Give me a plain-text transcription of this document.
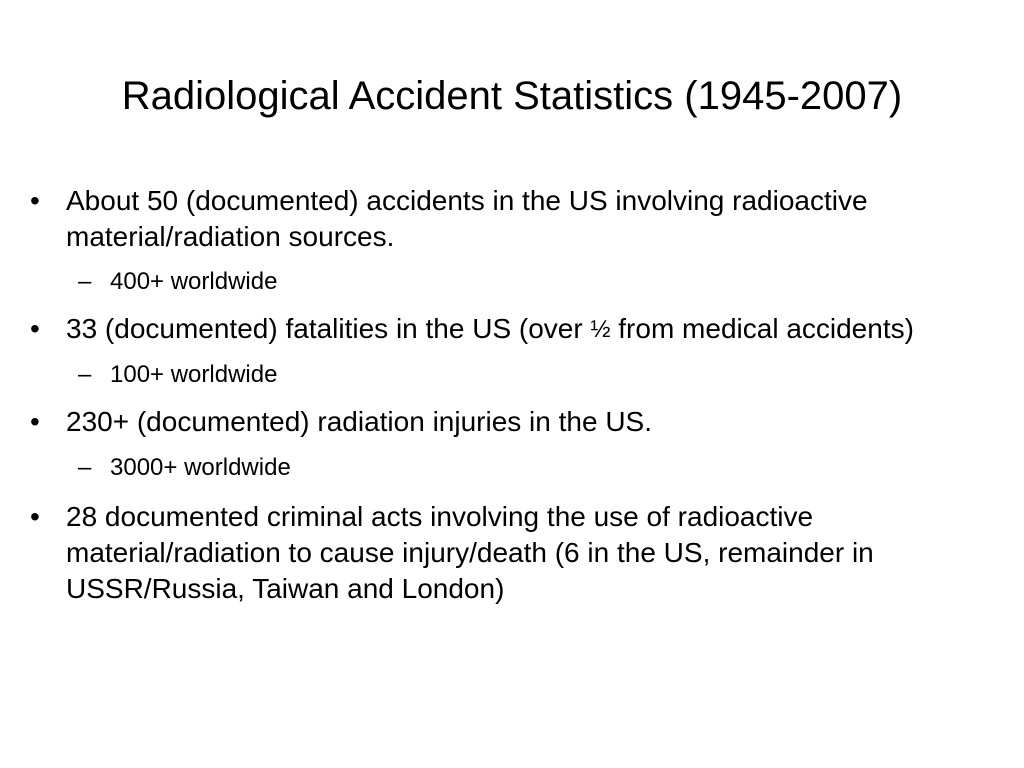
Radiological Accident Statistics (1945-2007)
• About 50 (documented) accidents in the US involving radioactive material/radiation sources.
– 400+ worldwide
• 33 (documented) fatalities in the US (over ½ from medical accidents)
– 100+ worldwide
• 230+ (documented) radiation injuries in the US.
– 3000+ worldwide
• 28 documented criminal acts involving the use of radioactive material/radiation to cause injury/death (6 in the US, remainder in USSR/Russia, Taiwan and London)
